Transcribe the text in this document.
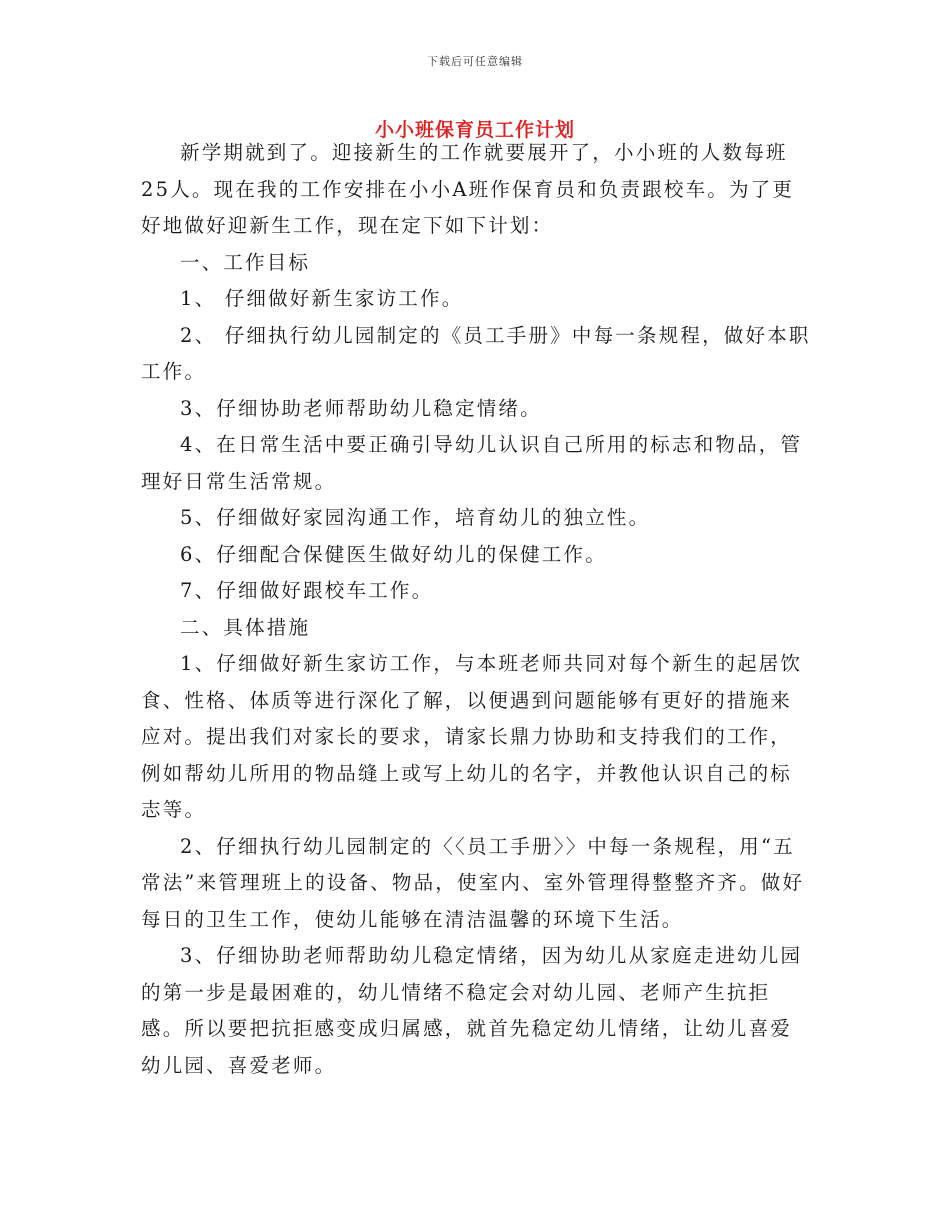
下载后可任意编辑
小小班保育员工作计划

新学期就到了。迎接新生的工作就要展开了，小小班的人数每班25人。现在我的工作安排在小小A班作保育员和负责跟校车。为了更好地做好迎新生工作，现在定下如下计划：

一、工作目标

1、 仔细做好新生家访工作。

2、 仔细执行幼儿园制定的《员工手册》中每一条规程，做好本职工作。

3、仔细协助老师帮助幼儿稳定情绪。

4、在日常生活中要正确引导幼儿认识自己所用的标志和物品，管理好日常生活常规。

5、仔细做好家园沟通工作，培育幼儿的独立性。

6、仔细配合保健医生做好幼儿的保健工作。

7、仔细做好跟校车工作。

二、具体措施

1、仔细做好新生家访工作，与本班老师共同对每个新生的起居饮食、性格、体质等进行深化了解，以便遇到问题能够有更好的措施来应对。提出我们对家长的要求，请家长鼎力协助和支持我们的工作，例如帮幼儿所用的物品缝上或写上幼儿的名字，并教他认识自己的标志等。

2、仔细执行幼儿园制定的〈〈员工手册〉〉中每一条规程，用“五常法”来管理班上的设备、物品，使室内、室外管理得整整齐齐。做好每日的卫生工作，使幼儿能够在清洁温馨的环境下生活。

3、仔细协助老师帮助幼儿稳定情绪，因为幼儿从家庭走进幼儿园的第一步是最困难的，幼儿情绪不稳定会对幼儿园、老师产生抗拒感。所以要把抗拒感变成归属感，就首先稳定幼儿情绪，让幼儿喜爱幼儿园、喜爱老师。
